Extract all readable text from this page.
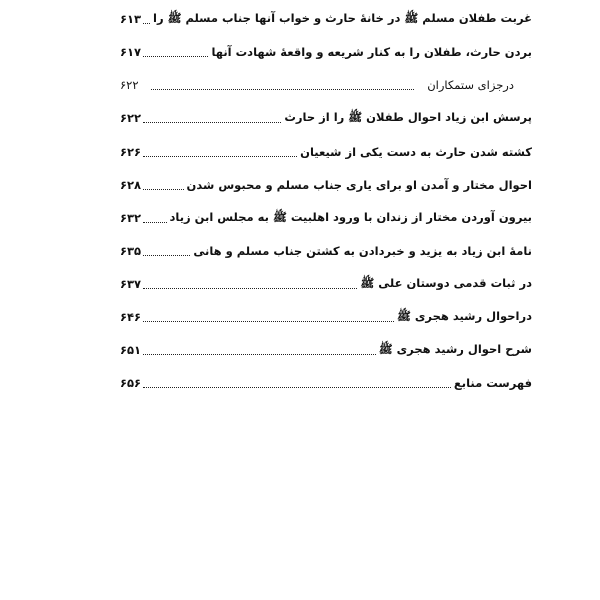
غربت طفلان مسلم ﷺ در خانهٔ حارث و خواب آنها جناب مسلم ﷺ را
۶۱۳
بردن حارث، طفلان را به کنار شریعه و واقعهٔ شهادت آنها
۶۱۷
درجزای ستمکاران
۶۲۲
پرسش ابن زیاد احوال طفلان ﷺ را از حارث
۶۲۲
کشته شدن حارث به دست یکی از شیعیان
۶۲۶
احوال مختار و آمدن او برای یاری جناب مسلم و محبوس شدن
۶۲۸
بیرون آوردن مختار از زندان با ورود اهلبیت ﷺ به مجلس ابن زیاد
۶۳۲
نامهٔ ابن زیاد به یزید و خبردادن به کشتن جناب مسلم و هانی
۶۳۵
در ثبات قدمی دوستان علی ﷺ
۶۳۷
دراحوال رشید هجری ﷺ
۶۴۶
شرح احوال رشید هجری ﷺ
۶۵۱
فهرست منابع
۶۵۶
